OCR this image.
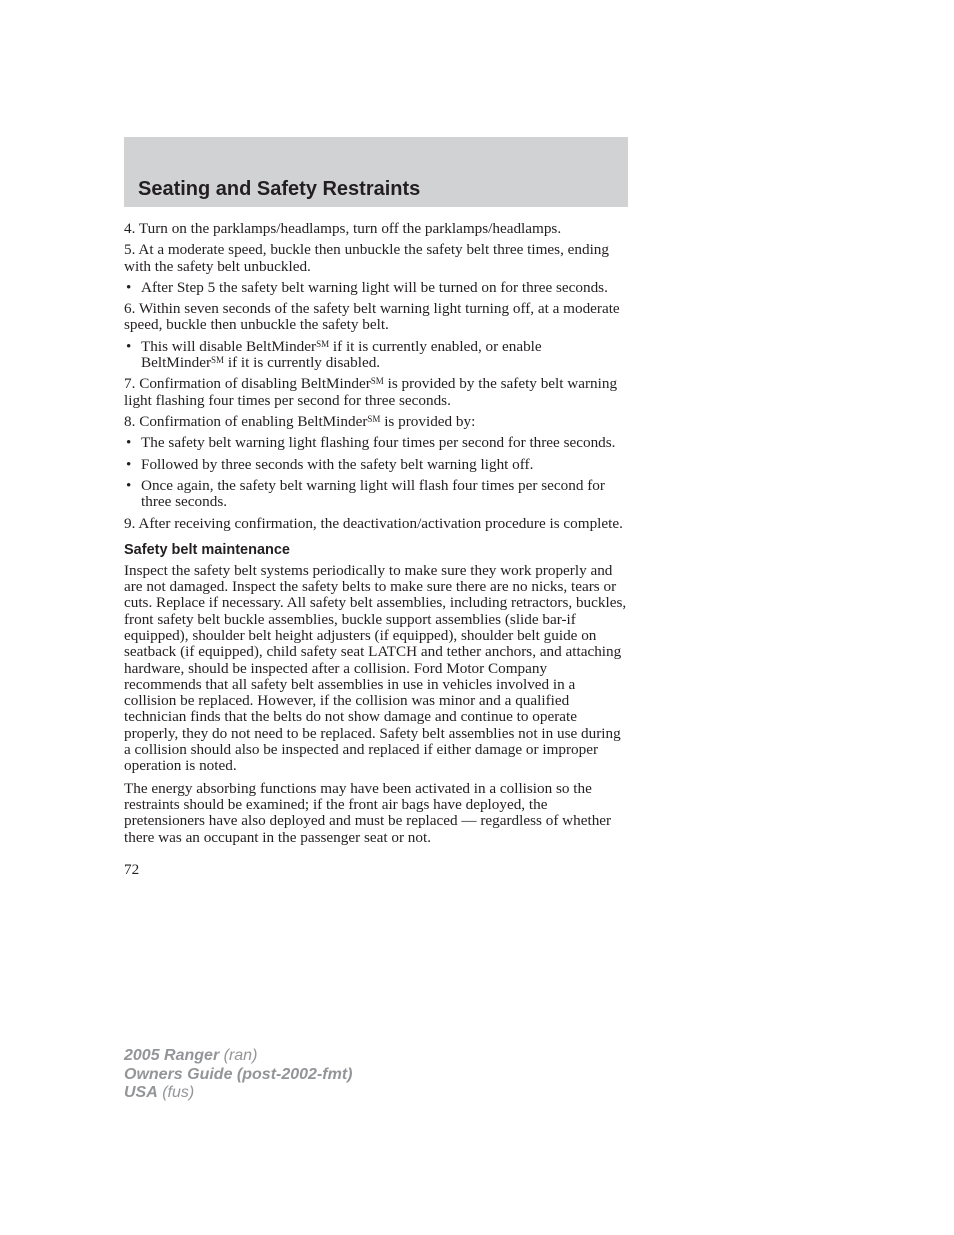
Seating and Safety Restraints

4. Turn on the parklamps/headlamps, turn off the parklamps/headlamps.

5. At a moderate speed, buckle then unbuckle the safety belt three times, ending with the safety belt unbuckled.

• After Step 5 the safety belt warning light will be turned on for three seconds.

6. Within seven seconds of the safety belt warning light turning off, at a moderate speed, buckle then unbuckle the safety belt.

• This will disable BeltMinder℠ if it is currently enabled, or enable BeltMinder℠ if it is currently disabled.

7. Confirmation of disabling BeltMinder℠ is provided by the safety belt warning light flashing four times per second for three seconds.

8. Confirmation of enabling BeltMinder℠ is provided by:

• The safety belt warning light flashing four times per second for three seconds.
• Followed by three seconds with the safety belt warning light off.
• Once again, the safety belt warning light will flash four times per second for three seconds.

9. After receiving confirmation, the deactivation/activation procedure is complete.

Safety belt maintenance

Inspect the safety belt systems periodically to make sure they work properly and are not damaged. Inspect the safety belts to make sure there are no nicks, tears or cuts. Replace if necessary. All safety belt assemblies, including retractors, buckles, front safety belt buckle assemblies, buckle support assemblies (slide bar-if equipped), shoulder belt height adjusters (if equipped), shoulder belt guide on seatback (if equipped), child safety seat LATCH and tether anchors, and attaching hardware, should be inspected after a collision. Ford Motor Company recommends that all safety belt assemblies in use in vehicles involved in a collision be replaced. However, if the collision was minor and a qualified technician finds that the belts do not show damage and continue to operate properly, they do not need to be replaced. Safety belt assemblies not in use during a collision should also be inspected and replaced if either damage or improper operation is noted.

The energy absorbing functions may have been activated in a collision so the restraints should be examined; if the front air bags have deployed, the pretensioners have also deployed and must be replaced — regardless of whether there was an occupant in the passenger seat or not.

72
2005 Ranger (ran)
Owners Guide (post-2002-fmt)
USA (fus)
